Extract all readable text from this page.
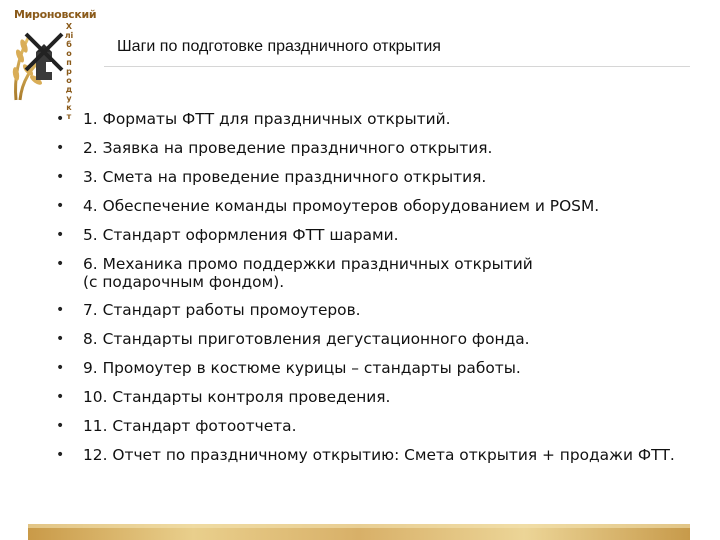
Мироновский
Х лібопродукт
Шаги по подготовке праздничного открытия
• 1. Форматы ФТТ для праздничных открытий.
• 2. Заявка на проведение праздничного открытия.
• 3. Смета на проведение праздничного открытия.
• 4. Обеспечение команды промоутеров оборудованием и POSM.
• 5. Стандарт оформления ФТТ шарами.
• 6. Механика промо поддержки праздничных открытий
(с подарочным фондом).
• 7. Стандарт работы промоутеров.
• 8. Стандарты приготовления дегустационного фонда.
• 9. Промоутер в костюме курицы – стандарты работы.
• 10. Стандарты контроля проведения.
• 11. Стандарт фотоотчета.
• 12. Отчет по праздничному открытию: Смета открытия + продажи ФТТ.
